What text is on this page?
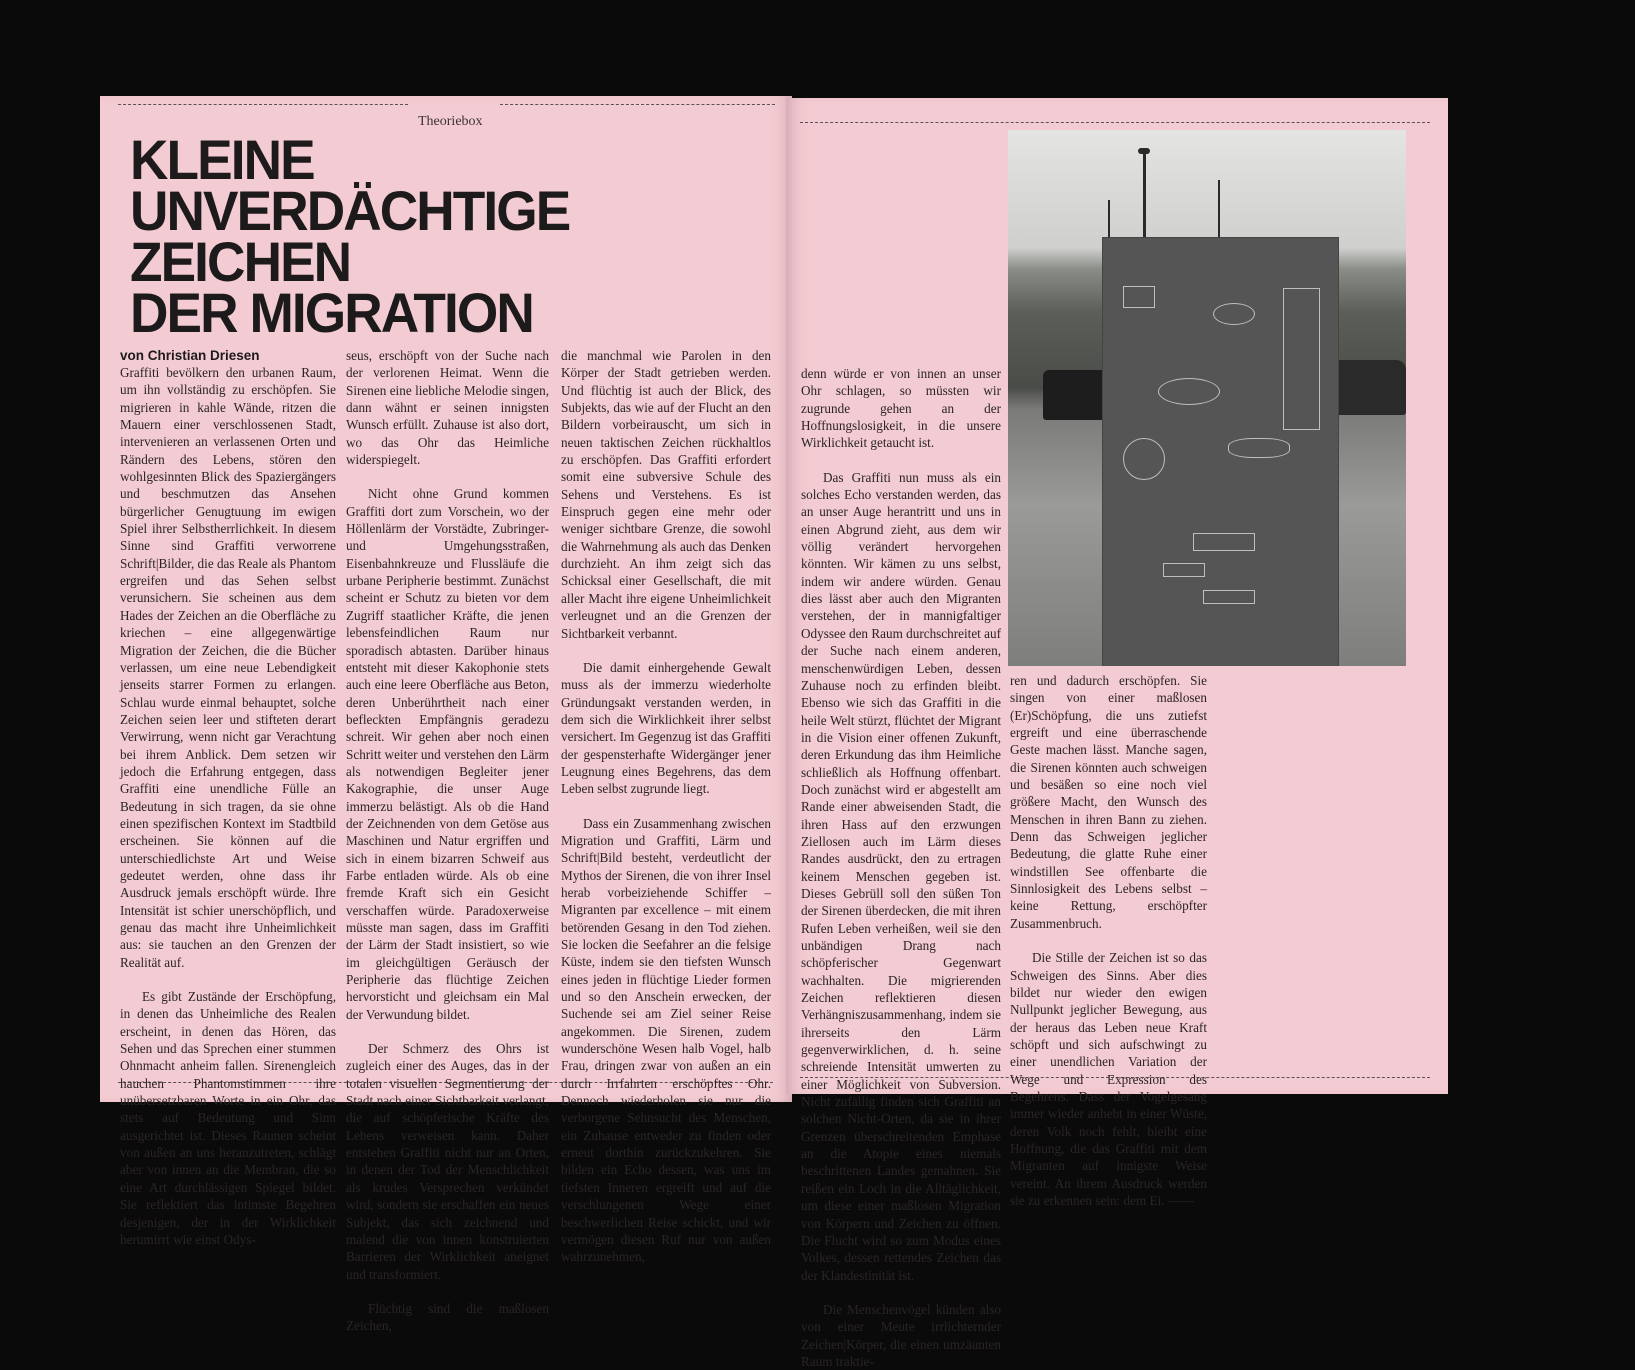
Theoriebox
KLEINE
UNVERDÄCHTIGE
ZEICHEN
DER MIGRATION
von Christian Driesen

Graffiti bevölkern den urbanen Raum, um ihn vollständig zu erschöpfen. Sie migrieren in kahle Wände, ritzen die Mauern einer verschlossenen Stadt, intervenieren an verlassenen Orten und Rändern des Lebens, stören den wohlgesinnten Blick des Spaziergängers und beschmutzen das Ansehen bürgerlicher Genugtuung im ewigen Spiel ihrer Selbstherrlichkeit. In diesem Sinne sind Graffiti verworrene Schrift|Bilder, die das Reale als Phantom ergreifen und das Sehen selbst verunsichern. Sie scheinen aus dem Hades der Zeichen an die Oberfläche zu kriechen – eine allgegenwärtige Migration der Zeichen, die die Bücher verlassen, um eine neue Lebendigkeit jenseits starrer Formen zu erlangen. Schlau wurde einmal behauptet, solche Zeichen seien leer und stifteten derart Verwirrung, wenn nicht gar Verachtung bei ihrem Anblick. Dem setzen wir jedoch die Erfahrung entgegen, dass Graffiti eine unendliche Fülle an Bedeutung in sich tragen, da sie ohne einen spezifischen Kontext im Stadtbild erscheinen. Sie können auf die unterschiedlichste Art und Weise gedeutet werden, ohne dass ihr Ausdruck jemals erschöpft würde. Ihre Intensität ist schier unerschöpflich, und genau das macht ihre Unheimlichkeit aus: sie tauchen an den Grenzen der Realität auf.

Es gibt Zustände der Erschöpfung, in denen das Unheimliche des Realen erscheint, in denen das Hören, das Sehen und das Sprechen einer stummen Ohnmacht anheim fallen. Sirenengleich hauchen Phantomstimmen ihre unübersetzbaren Worte in ein Ohr, das stets auf Bedeutung und Sinn ausgerichtet ist. Dieses Raunen scheint von außen an uns heranzutreten, schlägt aber von innen an die Membran, die so eine Art durchlässigen Spiegel bildet. Sie reflektiert das intimste Begehren desjenigen, der in der Wirklichkeit herumirrt wie einst Odys-

seus, erschöpft von der Suche nach der verlorenen Heimat. Wenn die Sirenen eine liebliche Melodie singen, dann wähnt er seinen innigsten Wunsch erfüllt. Zuhause ist also dort, wo das Ohr das Heimliche widerspiegelt.

Nicht ohne Grund kommen Graffiti dort zum Vorschein, wo der Höllenlärm der Vorstädte, Zubringer- und Umgehungsstraßen, Eisenbahnkreuze und Flussläufe die urbane Peripherie bestimmt. Zunächst scheint er Schutz zu bieten vor dem Zugriff staatlicher Kräfte, die jenen lebensfeindlichen Raum nur sporadisch abtasten. Darüber hinaus entsteht mit dieser Kakophonie stets auch eine leere Oberfläche aus Beton, deren Unberührtheit nach einer befleckten Empfängnis geradezu schreit. Wir gehen aber noch einen Schritt weiter und verstehen den Lärm als notwendigen Begleiter jener Kakographie, die unser Auge immerzu belästigt. Als ob die Hand der Zeichnenden von dem Getöse aus Maschinen und Natur ergriffen und sich in einem bizarren Schweif aus Farbe entladen würde. Als ob eine fremde Kraft sich ein Gesicht verschaffen würde. Paradoxerweise müsste man sagen, dass im Graffiti der Lärm der Stadt insistiert, so wie im gleichgültigen Geräusch der Peripherie das flüchtige Zeichen hervorsticht und gleichsam ein Mal der Verwundung bildet.

Der Schmerz des Ohrs ist zugleich einer des Auges, das in der totalen visuellen Segmentierung der Stadt nach einer Sichtbarkeit verlangt, die auf schöpferische Kräfte des Lebens verweisen kann. Daher entstehen Graffiti nicht nur an Orten, in denen der Tod der Menschlichkeit als krudes Versprechen verkündet wird, sondern sie erschaffen ein neues Subjekt, das sich zeichnend und malend die von innen konstruierten Barrieren der Wirklichkeit aneignet und transformiert.

Flüchtig sind die maßlosen Zeichen,

die manchmal wie Parolen in den Körper der Stadt getrieben werden. Und flüchtig ist auch der Blick, des Subjekts, das wie auf der Flucht an den Bildern vorbeirauscht, um sich in neuen taktischen Zeichen rückhaltlos zu erschöpfen. Das Graffiti erfordert somit eine subversive Schule des Sehens und Verstehens. Es ist Einspruch gegen eine mehr oder weniger sichtbare Grenze, die sowohl die Wahrnehmung als auch das Denken durchzieht. An ihm zeigt sich das Schicksal einer Gesellschaft, die mit aller Macht ihre eigene Unheimlichkeit verleugnet und an die Grenzen der Sichtbarkeit verbannt.

Die damit einhergehende Gewalt muss als der immerzu wiederholte Gründungsakt verstanden werden, in dem sich die Wirklichkeit ihrer selbst versichert. Im Gegenzug ist das Graffiti der gespensterhafte Widergänger jener Leugnung eines Begehrens, das dem Leben selbst zugrunde liegt.

Dass ein Zusammenhang zwischen Migration und Graffiti, Lärm und Schrift|Bild besteht, verdeutlicht der Mythos der Sirenen, die von ihrer Insel herab vorbeiziehende Schiffer – Migranten par excellence – mit einem betörenden Gesang in den Tod ziehen. Sie locken die Seefahrer an die felsige Küste, indem sie den tiefsten Wunsch eines jeden in flüchtige Lieder formen und so den Anschein erwecken, der Suchende sei am Ziel seiner Reise angekommen. Die Sirenen, zudem wunderschöne Wesen halb Vogel, halb Frau, dringen zwar von außen an ein durch Irrfahrten erschöpftes Ohr. Dennoch wiederholen sie nur die verborgene Sehnsucht des Menschen, ein Zuhause entweder zu finden oder erneut dorthin zurückzukehren. Sie bilden ein Echo dessen, was uns im tiefsten Inneren ergreift und auf die verschlungenen Wege einer beschwerlichen Reise schickt, und wir vermögen diesen Ruf nur von außen wahrzunehmen,

denn würde er von innen an unser Ohr schlagen, so müssten wir zugrunde gehen an der Hoffnungslosigkeit, in die unsere Wirklichkeit getaucht ist.

Das Graffiti nun muss als ein solches Echo verstanden werden, das an unser Auge herantritt und uns in einen Abgrund zieht, aus dem wir völlig verändert hervorgehen könnten. Wir kämen zu uns selbst, indem wir andere würden. Genau dies lässt aber auch den Migranten verstehen, der in mannigfaltiger Odyssee den Raum durchschreitet auf der Suche nach einem anderen, menschenwürdigen Leben, dessen Zuhause noch zu erfinden bleibt. Ebenso wie sich das Graffiti in die heile Welt stürzt, flüchtet der Migrant in die Vision einer offenen Zukunft, deren Erkundung das ihm Heimliche schließlich als Hoffnung offenbart. Doch zunächst wird er abgestellt am Rande einer abweisenden Stadt, die ihren Hass auf den erzwungen Ziellosen auch im Lärm dieses Randes ausdrückt, den zu ertragen keinem Menschen gegeben ist. Dieses Gebrüll soll den süßen Ton der Sirenen überdecken, die mit ihren Rufen Leben verheißen, weil sie den unbändigen Drang nach schöpferischer Gegenwart wachhalten. Die migrierenden Zeichen reflektieren diesen Verhängniszusammenhang, indem sie ihrerseits den Lärm gegenverwirklichen, d. h. seine schreiende Intensität umwerten zu einer Möglichkeit von Subversion. Nicht zufällig finden sich Graffiti an solchen Nicht-Orten, da sie in ihrer Grenzen überschreitenden Emphase an die Atopie eines niemals beschrittenen Landes gemahnen. Sie reißen ein Loch in die Alltäglichkeit, um diese einer maßlosen Migration von Körpern und Zeichen zu öffnen. Die Flucht wird so zum Modus eines Volkes, dessen rettendes Zeichen das der Klandestinität ist.

Die Menschenvögel künden also von einer Meute irrlichternder Zeichen|Körper, die einen umzäunten Raum traktie-

ren und dadurch erschöpfen. Sie singen von einer maßlosen (Er)Schöpfung, die uns zutiefst ergreift und eine überraschende Geste machen lässt. Manche sagen, die Sirenen könnten auch schweigen und besäßen so eine noch viel größere Macht, den Wunsch des Menschen in ihren Bann zu ziehen. Denn das Schweigen jeglicher Bedeutung, die glatte Ruhe einer windstillen See offenbarte die Sinnlosigkeit des Lebens selbst – keine Rettung, erschöpfter Zusammenbruch.

Die Stille der Zeichen ist so das Schweigen des Sinns. Aber dies bildet nur wieder den ewigen Nullpunkt jeglicher Bewegung, aus der heraus das Leben neue Kraft schöpft und sich aufschwingt zu einer unendlichen Variation der Wege und Expression des Begehrens. Dass der Vogelgesang immer wieder anhebt in einer Wüste, deren Volk noch fehlt, bleibt eine Hoffnung, die das Graffiti mit dem Migranten auf innigste Weise vereint. An ihrem Ausdruck werden sie zu erkennen sein: dem Ei. ——
